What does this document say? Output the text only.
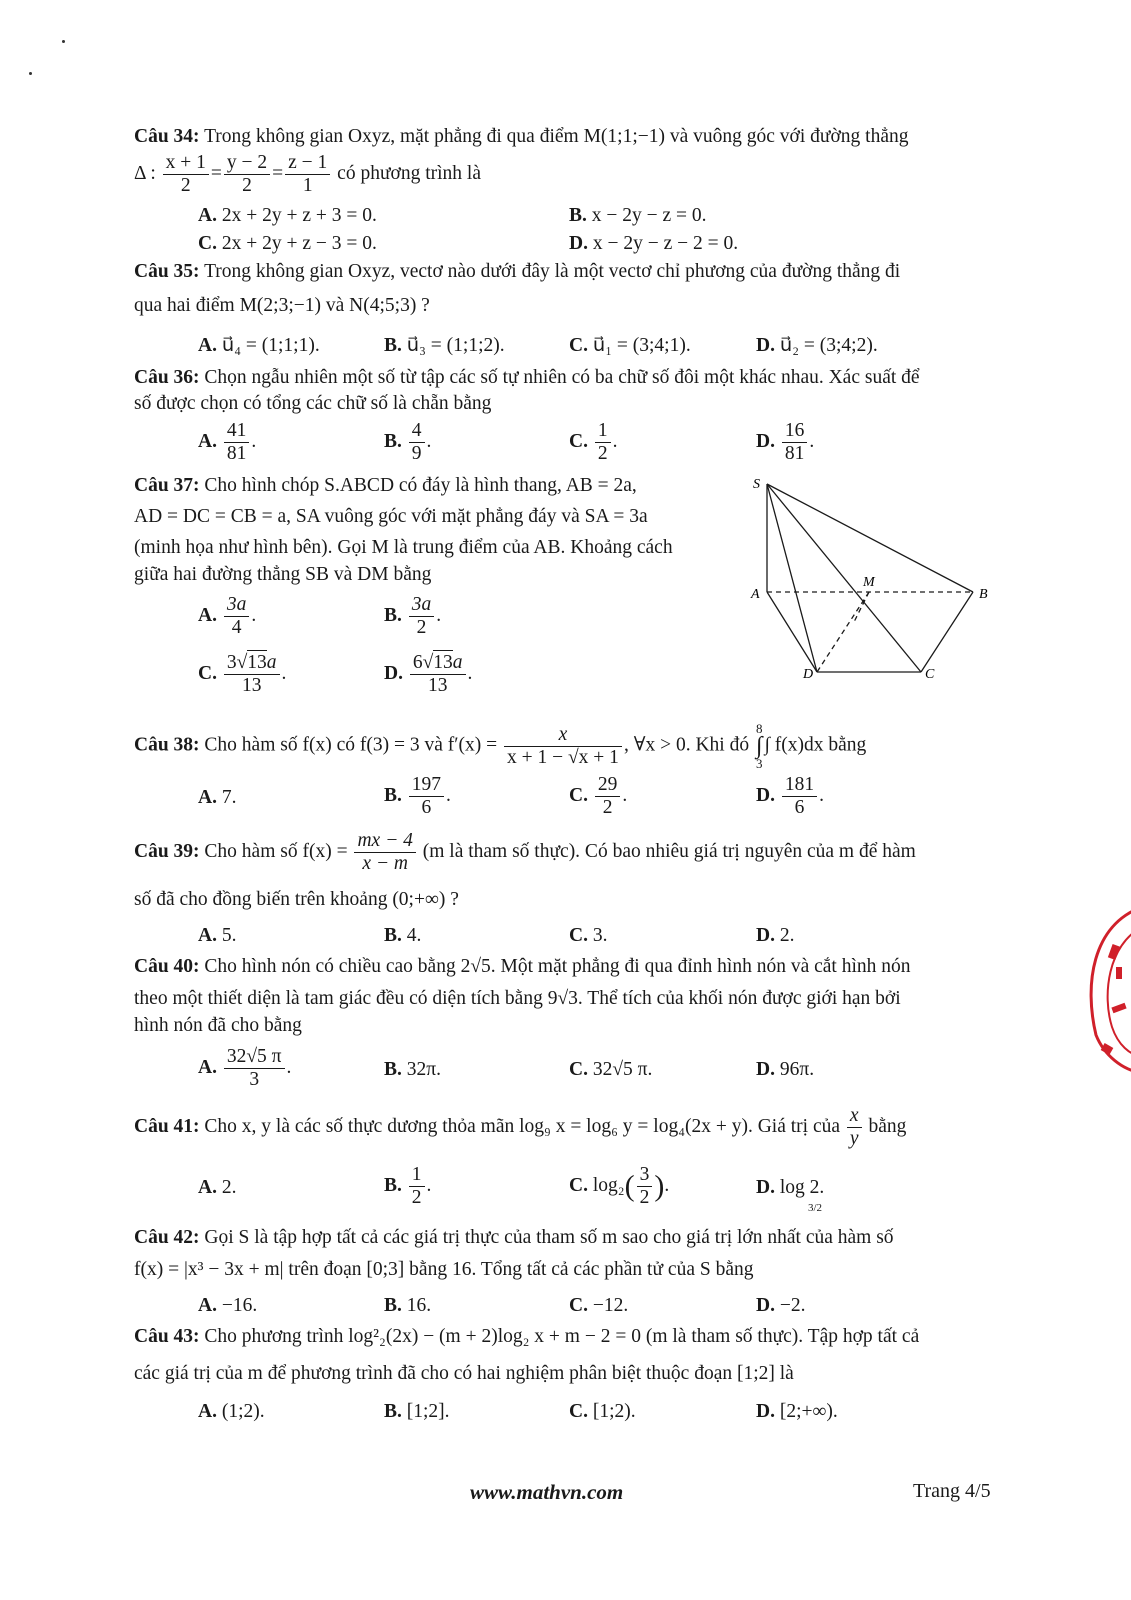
Câu 34: Trong không gian Oxyz, mặt phẳng đi qua điểm M(1;1;−1) và vuông góc với đường thẳng
Δ : $\frac{x + 1}{2} = \frac{y - 2}{2} = \frac{z - 1}{1}$ có phương trình là
A. 2x + 2y + z + 3 = 0.	B. x − 2y − z = 0.
C. 2x + 2y + z − 3 = 0.	D. x − 2y − z − 2 = 0.
Câu 35: Trong không gian Oxyz, vectơ nào dưới đây là một vectơ chỉ phương của đường thẳng đi
qua hai điểm M(2;3;−1) và N(4;5;3) ?
A. u⃗₄ = (1;1;1).	B. u⃗₃ = (1;1;2).	C. u⃗₁ = (3;4;1).	D. u⃗₂ = (3;4;2).
Câu 36: Chọn ngẫu nhiên một số từ tập các số tự nhiên có ba chữ số đôi một khác nhau. Xác suất để
số được chọn có tổng các chữ số là chẵn bằng
A. $\frac{41}{81}$ .	B. $\frac{4}{9}$ .	C. $\frac{1}{2}$ .	D. $\frac{16}{81}$ .
Câu 37: Cho hình chóp S.ABCD có đáy là hình thang, AB = 2a,
AD = DC = CB = a, SA vuông góc với mặt phẳng đáy và SA = 3a
(minh họa như hình bên). Gọi M là trung điểm của AB. Khoảng cách
giữa hai đường thẳng SB và DM bằng
A. $\frac{3a}{4}$ .	B. $\frac{3a}{2}$ .
C. $\frac{3√13a}{13}$ .	D. $\frac{6√13a}{13}$ .
S
A	B
C
D
M
Câu 38: Cho hàm số f(x) có f(3) = 3 và $f'(x) = \frac{x}{x + 1 - √x + 1}$ , ∀x > 0. Khi đó
8
∫
3
∫ f(x)dx bằng
A. 7.	B. $\frac{197}{6}$ .	C. $\frac{29}{2}$ .	D. $\frac{181}{6}$ .
Câu 39: Cho hàm số $f(x) = \frac{mx - 4}{x - m} (m$ là tham số thực). Có bao nhiêu giá trị nguyên của m để hàm
số đã cho đồng biến trên khoảng (0;+∞) ?
A. 5.	B. 4.	C. 3.	D. 2.
Câu 40: Cho hình nón có chiều cao bằng 2√5. Một mặt phẳng đi qua đỉnh hình nón và cắt hình nón
theo một thiết diện là tam giác đều có diện tích bằng 9√3. Thể tích của khối nón được giới hạn bởi
hình nón đã cho bằng
A. $\frac{32√5 \pi}{3}$ .	B. 32π.	C. 32√5 π.	D. 96π.
Câu 41: Cho x, y là các số thực dương thỏa mãn log₉ x = log₆ y = log₄(2x + y). Giá trị của $\frac{x}{y}$ bằng
A. 2.	B. $\frac{1}{2}$ .	C. $\log_2( \frac{3}{2}$ ).	D. log 2.
3/2
Câu 42: Gọi S là tập hợp tất cả các giá trị thực của tham số m sao cho giá trị lớn nhất của hàm số
f(x) = |x³ − 3x + m| trên đoạn [0;3] bằng 16. Tổng tất cả các phần tử của S bằng
A. −16.	B. 16.	C. −12.	D. −2.
Câu 43: Cho phương trình log²₂(2x) − (m + 2)log₂ x + m − 2 = 0 (m là tham số thực). Tập hợp tất cả
các giá trị của m để phương trình đã cho có hai nghiệm phân biệt thuộc đoạn [1;2] là
A. (1;2).	B. [1;2].	C. [1;2).	D. [2;+∞).
www.mathvn.com	Trang 4/5
